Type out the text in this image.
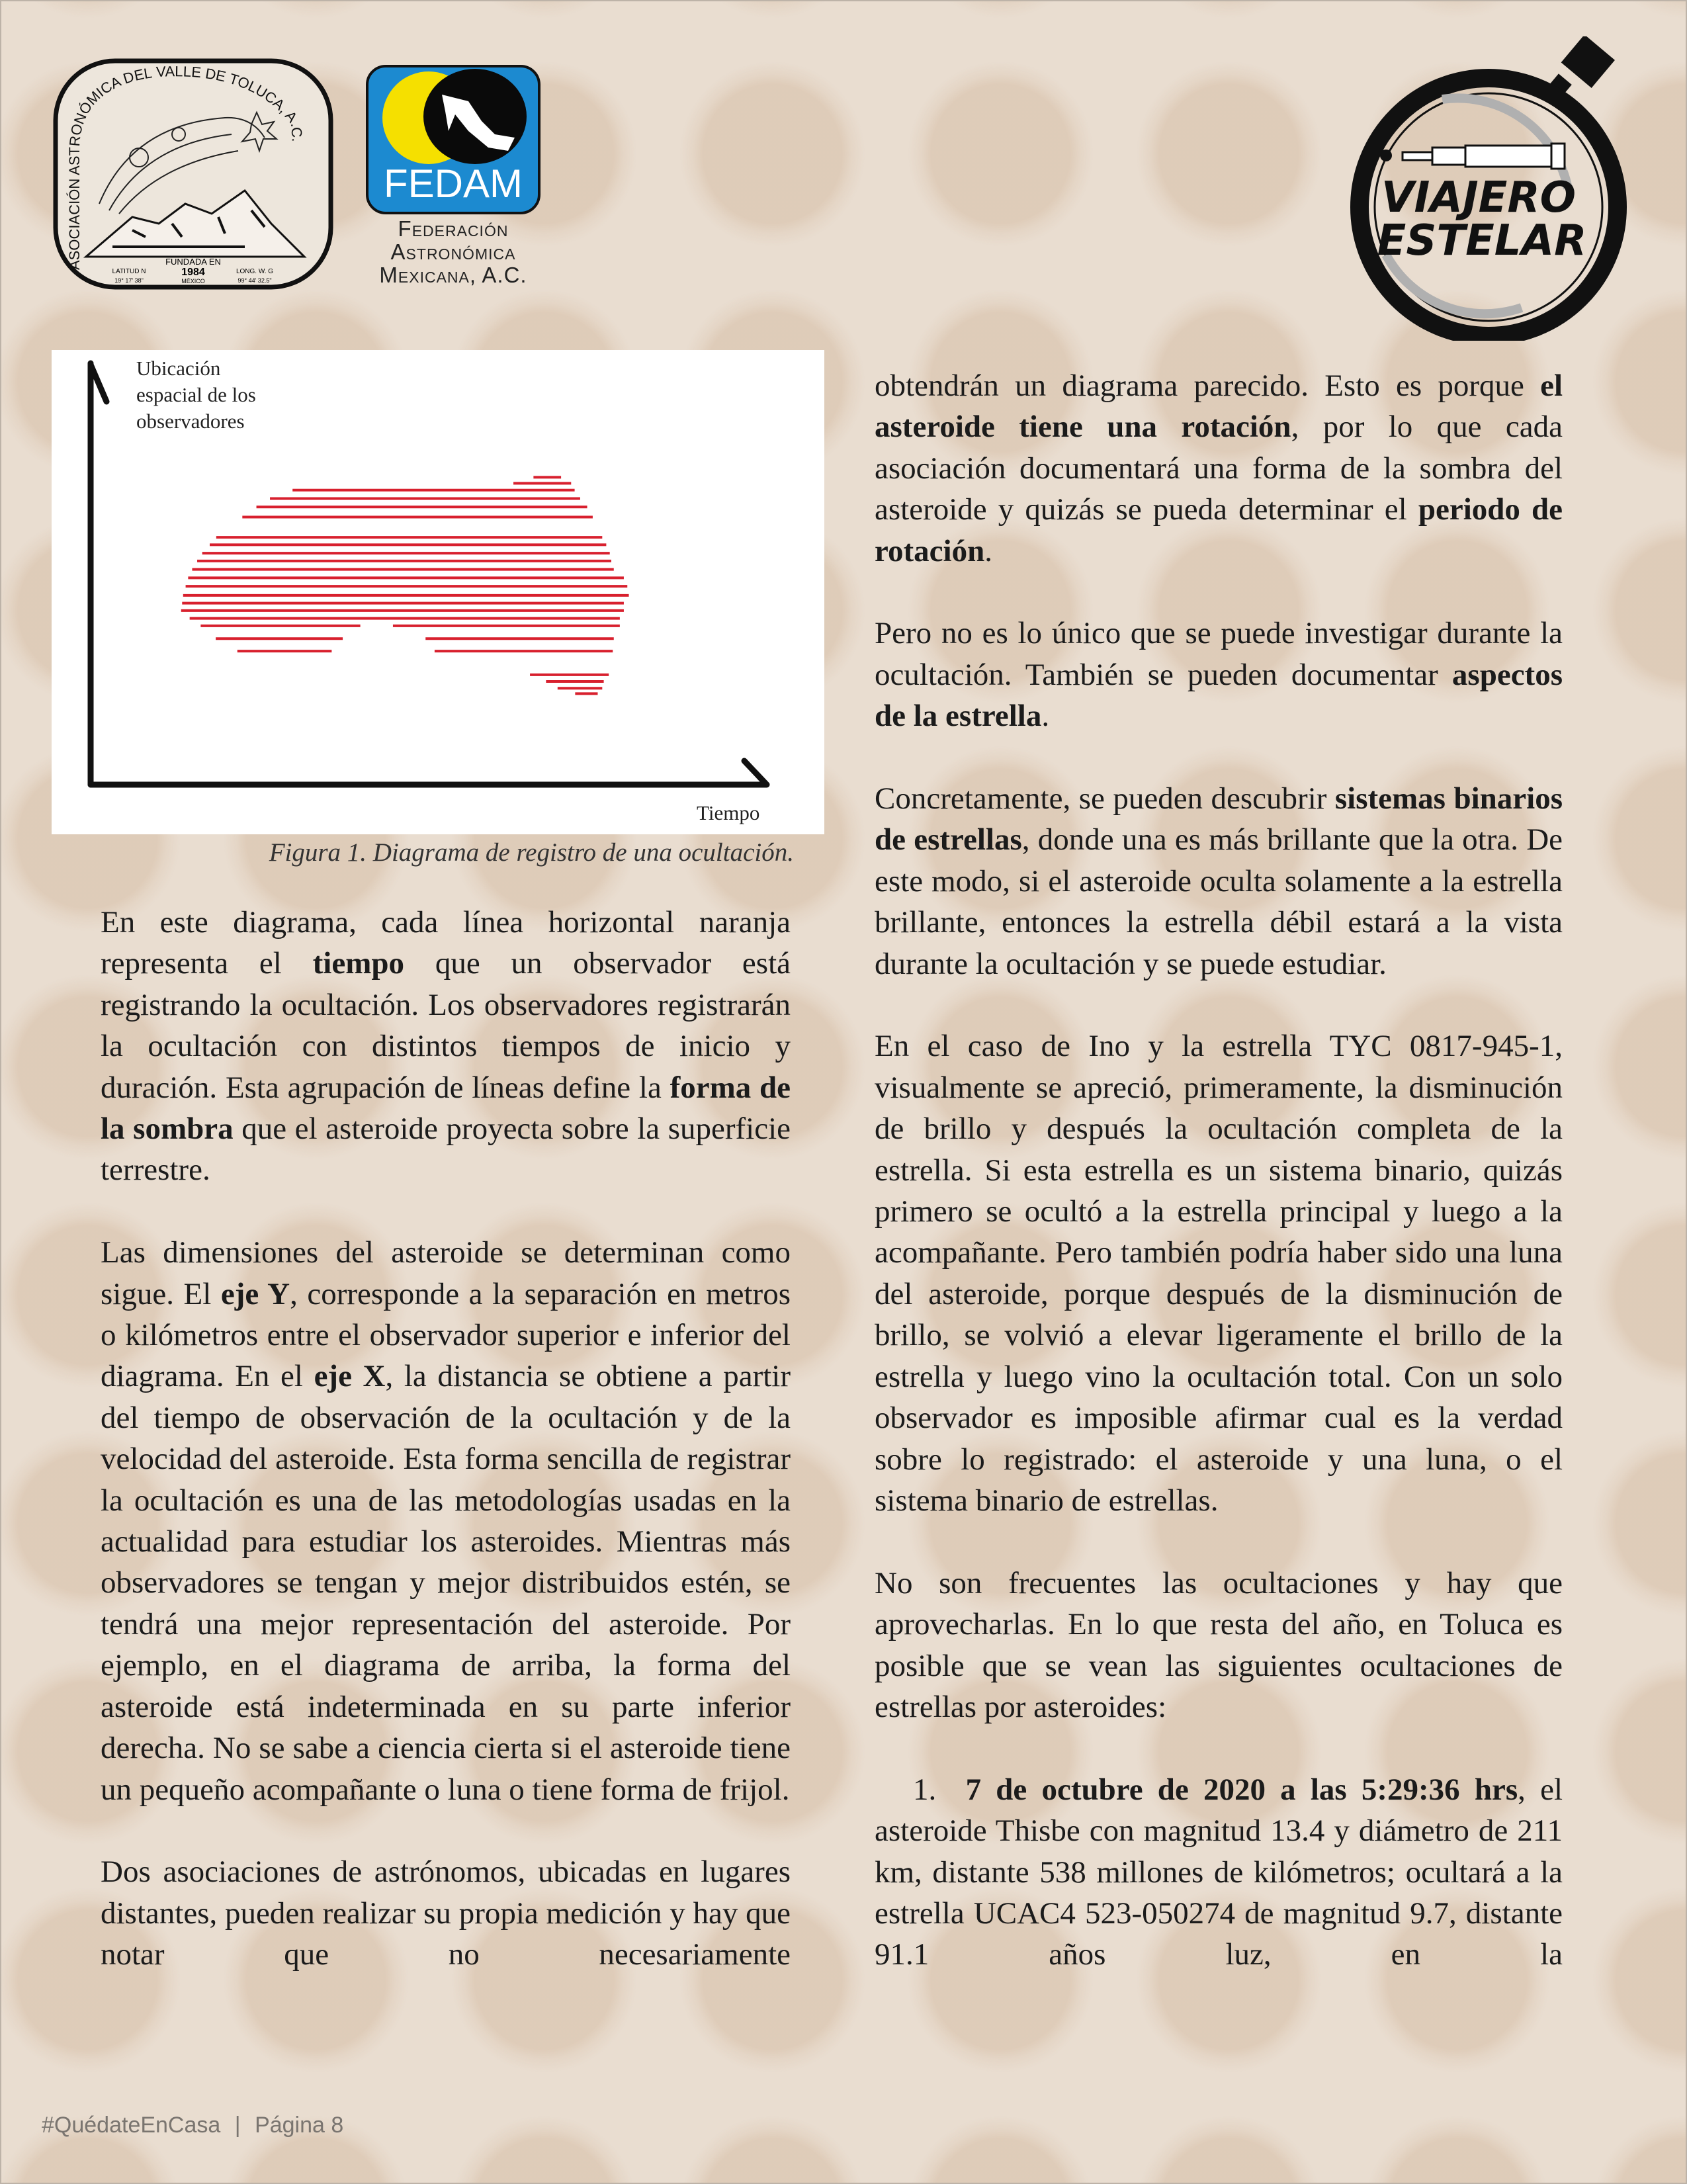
ASOCIACIÓN ASTRONÓMICA DEL VALLE DE TOLUCA, A.C.
FUNDADA EN
1984
MÉXICO
LATITUD N
19° 17' 38"
LONG. W. G
99° 44' 32.5"
FEDAM
Federación
Astronómica
Mexicana, A.C.
VIAJERO
ESTELAR
Ubicación
espacial de los
observadores
Tiempo
Figura 1. Diagrama de registro de una ocultación.

En este diagrama, cada línea horizontal naranja representa el tiempo que un observador está registrando la ocultación. Los observadores registrarán la ocultación con distintos tiempos de inicio y duración. Esta agrupación de líneas define la forma de la sombra que el asteroide proyecta sobre la superficie terrestre.

Las dimensiones del asteroide se determinan como sigue. El eje Y, corresponde a la separación en metros o kilómetros entre el observador superior e inferior del diagrama. En el eje X, la distancia se obtiene a partir del tiempo de observación de la ocultación y de la velocidad del asteroide. Esta forma sencilla de registrar la ocultación es una de las metodologías usadas en la actualidad para estudiar los asteroides. Mientras más observadores se tengan y mejor distribuidos estén, se tendrá una mejor representación del asteroide. Por ejemplo, en el diagrama de arriba, la forma del asteroide está indeterminada en su parte inferior derecha. No se sabe a ciencia cierta si el asteroide tiene un pequeño acompañante o luna o tiene forma de frijol.

Dos asociaciones de astrónomos, ubicadas en lugares distantes, pueden realizar su propia medición y hay que notar que no necesariamente

obtendrán un diagrama parecido. Esto es porque el asteroide tiene una rotación, por lo que cada asociación documentará una forma de la sombra del asteroide y quizás se pueda determinar el periodo de rotación.

Pero no es lo único que se puede investigar durante la ocultación. También se pueden documentar aspectos de la estrella.

Concretamente, se pueden descubrir sistemas binarios de estrellas, donde una es más brillante que la otra. De este modo, si el asteroide oculta solamente a la estrella brillante, entonces la estrella débil estará a la vista durante la ocultación y se puede estudiar.

En el caso de Ino y la estrella TYC 0817-945-1, visualmente se apreció, primeramente, la disminución de brillo y después la ocultación completa de la estrella. Si esta estrella es un sistema binario, quizás primero se ocultó a la estrella principal y luego a la acompañante. Pero también podría haber sido una luna del asteroide, porque después de la disminución de brillo, se volvió a elevar ligeramente el brillo de la estrella y luego vino la ocultación total. Con un solo observador es imposible afirmar cual es la verdad sobre lo registrado: el asteroide y una luna, o el sistema binario de estrellas.

No son frecuentes las ocultaciones y hay que aprovecharlas. En lo que resta del año, en Toluca es posible que se vean las siguientes ocultaciones de estrellas por asteroides:

1.  7 de octubre de 2020 a las 5:29:36 hrs, el asteroide Thisbe con magnitud 13.4 y diámetro de 211 km, distante 538 millones de kilómetros; ocultará a la estrella UCAC4 523-050274 de magnitud 9.7, distante 91.1 años luz, en la

#QuédateEnCasa | Página 8
